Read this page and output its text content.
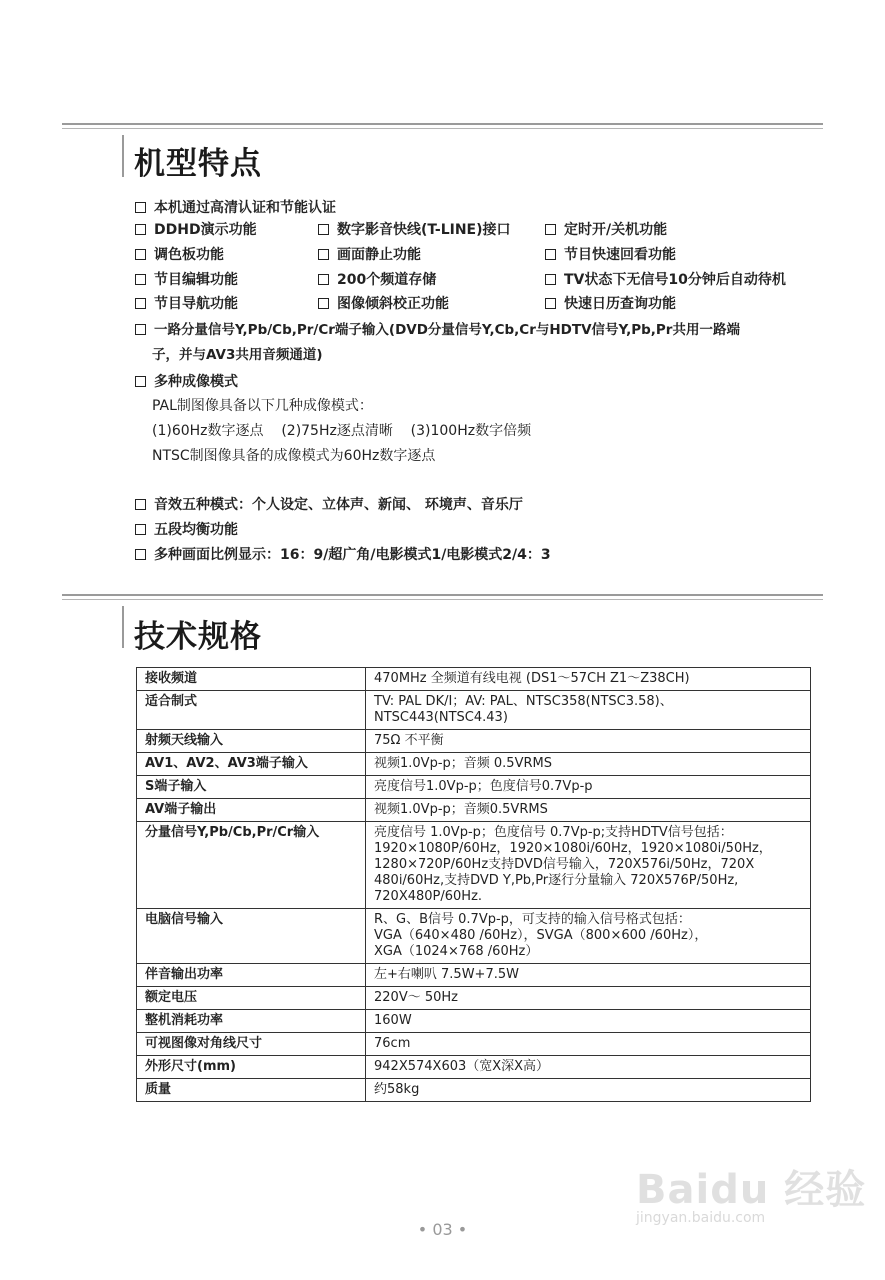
机型特点
本机通过高清认证和节能认证
DDHD演示功能	数字影音快线(T-LINE)接口	定时开/关机功能
调色板功能	画面静止功能	节目快速回看功能
节目编辑功能	200个频道存储	TV状态下无信号10分钟后自动待机
节目导航功能	图像倾斜校正功能	快速日历查询功能
一路分量信号Y,Pb/Cb,Pr/Cr端子输入(DVD分量信号Y,Cb,Cr与HDTV信号Y,Pb,Pr共用一路端
子，并与AV3共用音频通道)
多种成像模式
PAL制图像具备以下几种成像模式：
(1)60Hz数字逐点    (2)75Hz逐点清晰    (3)100Hz数字倍频
NTSC制图像具备的成像模式为60Hz数字逐点
音效五种模式：个人设定、立体声、新闻、 环境声、音乐厅
五段均衡功能
多种画面比例显示：16：9/超广角/电影模式1/电影模式2/4：3
技术规格
接收频道	470MHz 全频道有线电视 (DS1～57CH Z1～Z38CH)
适合制式	TV: PAL DK/I；AV: PAL、NTSC358(NTSC3.58)、
NTSC443(NTSC4.43)
射频天线输入	75Ω 不平衡
AV1、AV2、AV3端子输入	视频1.0Vp-p；音频 0.5VRMS
S端子输入	亮度信号1.0Vp-p；色度信号0.7Vp-p
AV端子输出	视频1.0Vp-p；音频0.5VRMS
分量信号Y,Pb/Cb,Pr/Cr输入	亮度信号 1.0Vp-p；色度信号 0.7Vp-p;支持HDTV信号包括：
1920×1080P/60Hz，1920×1080i/60Hz，1920×1080i/50Hz，
1280×720P/60Hz支持DVD信号输入，720X576i/50Hz，720X
480i/60Hz,支持DVD Y,Pb,Pr逐行分量输入 720X576P/50Hz,
720X480P/60Hz.
电脑信号输入	R、G、B信号 0.7Vp-p，可支持的输入信号格式包括：
VGA（640×480 /60Hz），SVGA（800×600 /60Hz），
XGA（1024×768 /60Hz）
伴音输出功率	左+右喇叭 7.5W+7.5W
额定电压	220V～ 50Hz
整机消耗功率	160W
可视图像对角线尺寸	76cm
外形尺寸(mm)	942X574X603（宽X深X高）
质量	约58kg
• 03 •
Baidu 经验
jingyan.baidu.com
